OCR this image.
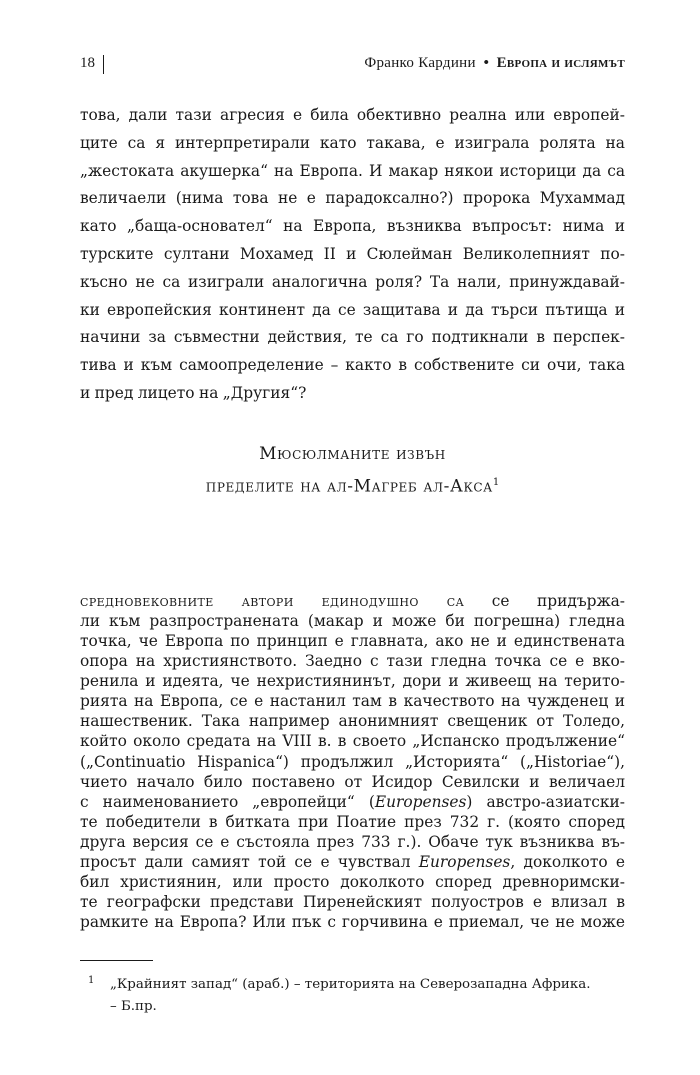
18	Франко Кардини • Европа и ислямът
това, дали тази агресия е била обективно реална или европей-
ците са я интерпретирали като такава, е изиграла ролята на
„жестоката акушерка“ на Европа. И макар някои историци да са
величаели (нима това не е парадоксално?) пророка Мухаммад
като „баща-основател“ на Европа, възниква въпросът: нима и
турските султани Мохамед II и Сюлейман Великолепният по-
късно не са изиграли аналогична роля? Та нали, принуждавай-
ки европейския континент да се защитава и да търси пътища и
начини за съвместни действия, те са го подтикнали в перспек-
тива и към самоопределение – както в собствените си очи, така
и пред лицето на „Другия“?
Мюсюлманите извън
пределите на ал-Магреб ал-Акса$^1$
средновековните автори единодушно са се придържа-
ли към разпространената (макар и може би погрешна) гледна
точка, че Европа по принцип е главната, ако не и единствената
опора на християнството. Заедно с тази гледна точка се е вко-
ренила и идеята, че нехристиянинът, дори и живеещ на терито-
рията на Европа, се е настанил там в качеството на чужденец и
нашественик. Така например анонимният свещеник от Толедо,
който около средата на VIII в. в своето „Испанско продължение“
(„Continuatio Hispanica“) продължил „Историята“ („Historiae“),
чието начало било поставено от Исидор Севилски и величаел
с наименованието „европейци“ (Europenses) австро-азиатски-
те победители в битката при Поатие през 732 г. (която според
друга версия се е състояла през 733 г.). Обаче тук възниква въ-
просът дали самият той се е чувствал Europenses, доколкото е
бил християнин, или просто доколкото според древноримски-
1 „Крайният запад“ (араб.) – територията на Северозападна Африка.
– Б.пр.
те географски представи Пиренейският полуостров е влизал в
рамките на Европа? Или пък с горчивина е приемал, че не може
